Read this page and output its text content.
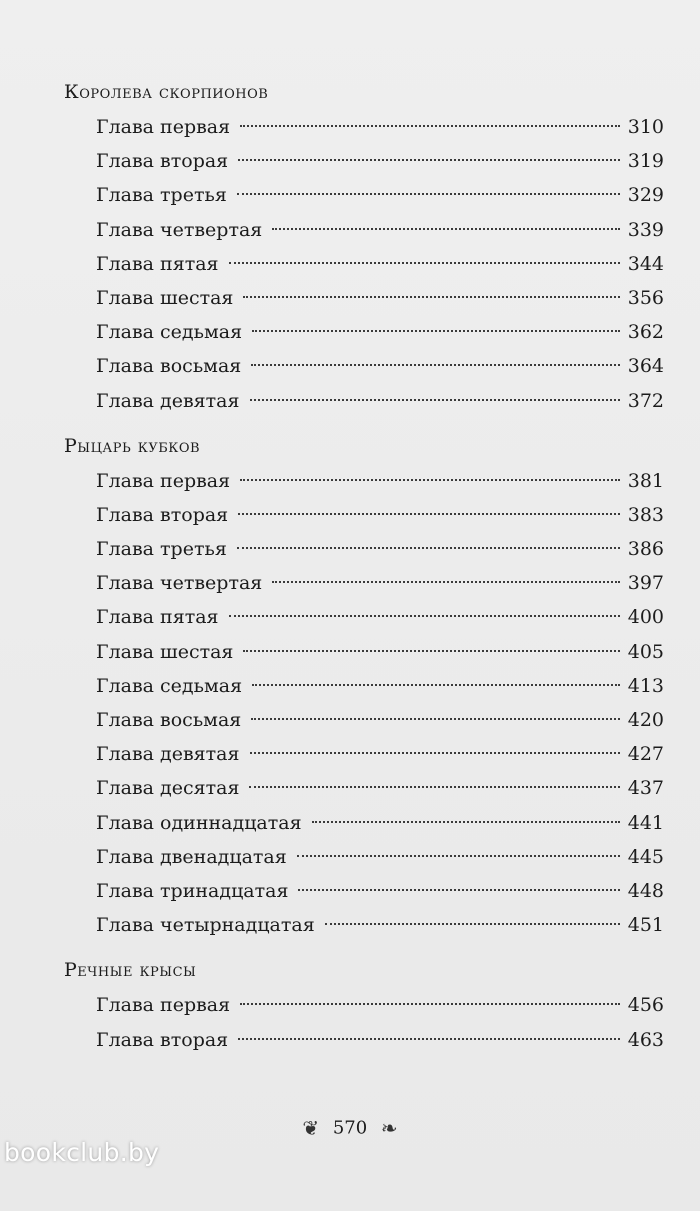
Королева скорпионов
Глава первая	310
Глава вторая	319
Глава третья	329
Глава четвертая	339
Глава пятая	344
Глава шестая	356
Глава седьмая	362
Глава восьмая	364
Глава девятая	372
Рыцарь кубков
Глава первая	381
Глава вторая	383
Глава третья	386
Глава четвертая	397
Глава пятая	400
Глава шестая	405
Глава седьмая	413
Глава восьмая	420
Глава девятая	427
Глава десятая	437
Глава одиннадцатая	441
Глава двенадцатая	445
Глава тринадцатая	448
Глава четырнадцатая	451
Речные крысы
Глава первая	456
Глава вторая	463
❦ 570 ❧
bookclub.by
